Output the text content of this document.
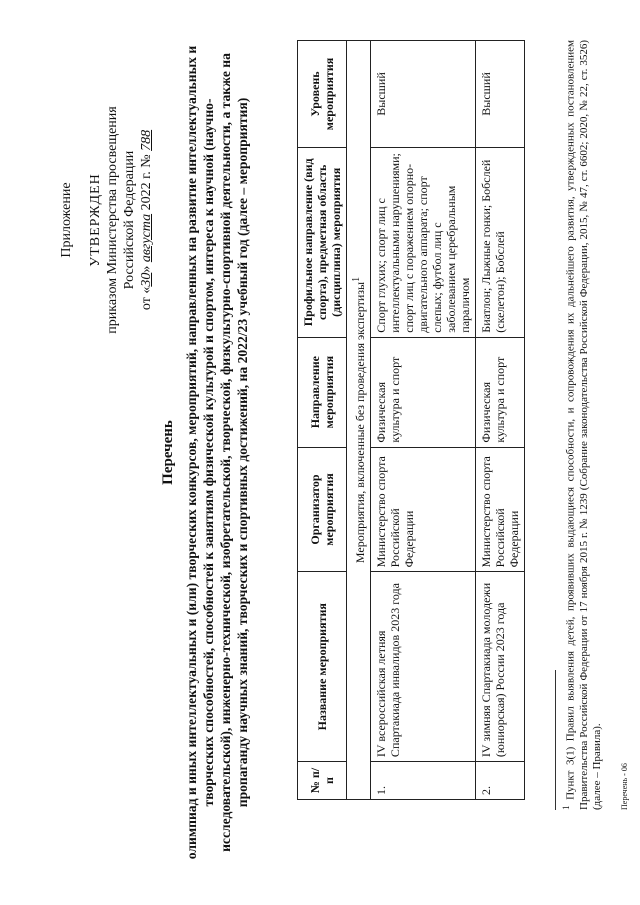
Приложение УТВЕРЖДЕН приказом Министерства просвещения Российской Федерации
от «30» августа 2022 г. № 788
Перечень олимпиад и иных интеллектуальных и (или) творческих конкурсов, мероприятий, направленных на развитие интеллектуальных и творческих способностей, способностей к занятиям физической культурой и спортом, интереса к научной (научно-исследовательской), инженерно-технической, изобретательской, творческой, физкультурно-спортивной деятельности, а также на пропаганду научных знаний, творческих и спортивных достижений, на 2022/23 учебный год (далее – мероприятия)	№ п/п	Название мероприятия	Организатор мероприятия	Направление мероприятия	Профильное направление (вид спорта), предметная область (дисциплина) мероприятия	Уровень мероприятия
Мероприятия, включенные без проведения экспертизы$^1$
1.	IV всероссийская летняя Спартакиада инвалидов 2023 года	Министерство спорта Российской Федерации	Физическая культура и спорт	Спорт глухих; спорт лиц с интеллектуальными нарушениями; спорт лиц с поражением опорно-двигательного аппарата; спорт слепых; футбол лиц с заболеванием церебральным параличом	Высший
2.	IV зимняя Спартакиада молодежи (юниорская) России 2023 года	Министерство спорта Российской Федерации	Физическая культура и спорт	Биатлон; Лыжные гонки; Бобслей (скелетон); Бобслей	Высший
$^1$ Пункт 3(1) Правил выявления детей, проявивших выдающиеся способности, и сопровождения их дальнейшего развития, утвержденных постановлением Правительства Российской Федерации от 17 ноября 2015 г. № 1239 (Собрание законодательства Российской Федерации, 2015, № 47, ст. 6602; 2020, № 22, ст. 3526) (далее – Правила). Перечень - 06
